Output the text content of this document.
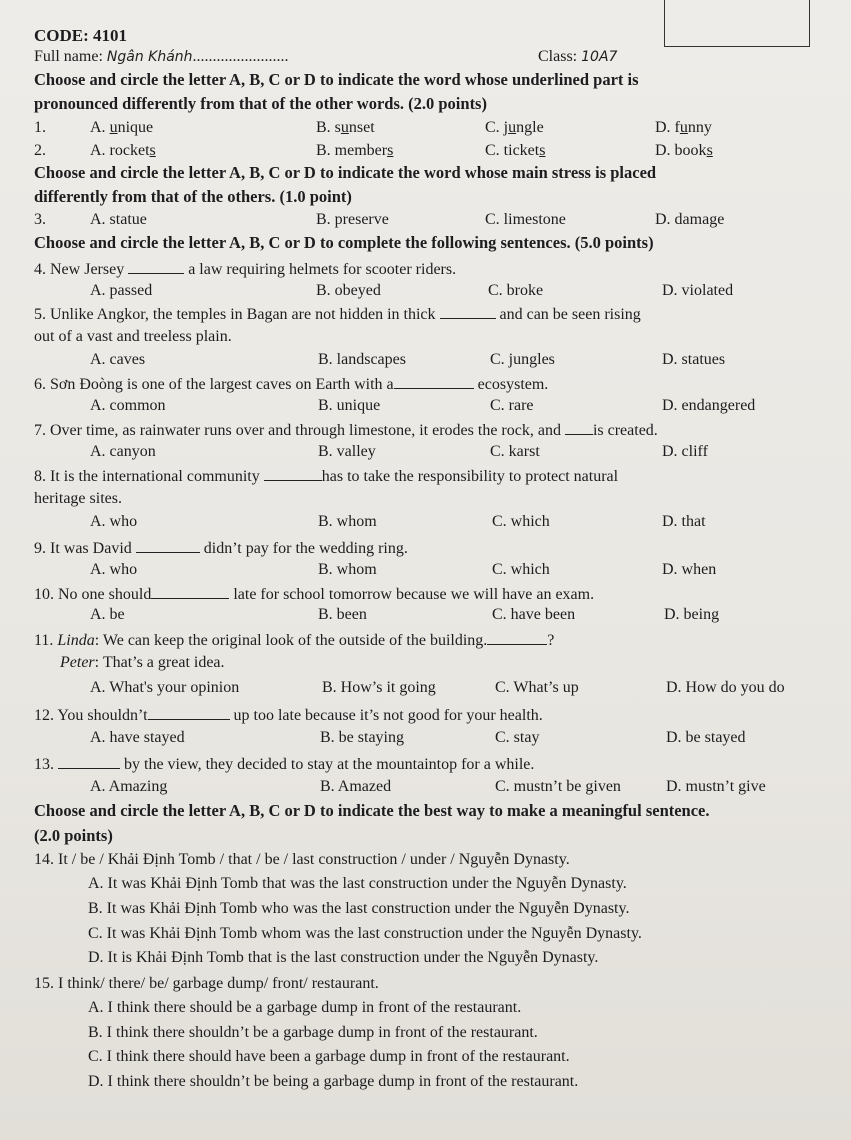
CODE: 4101
Full name: Ngân Khánh........................	Class: 10A7
Choose and circle the letter A, B, C or D to indicate the word whose underlined part is
pronounced differently from that of the other words. (2.0 points)
1.	A. unique	B. sunset	C. jungle	D. funny
2.	A. rockets	B. members	C. tickets	D. books
Choose and circle the letter A, B, C or D to indicate the word whose main stress is placed
differently from that of the others. (1.0 point)
3.	A. statue	B. preserve	C. limestone	D. damage
Choose and circle the letter A, B, C or D to complete the following sentences. (5.0 points)
4. New Jersey	a law requiring helmets for scooter riders.
A. passed	B. obeyed	C. broke	D. violated
5. Unlike Angkor, the temples in Bagan are not hidden in thick	and can be seen rising
out of a vast and treeless plain.
A. caves	B. landscapes	C. jungles	D. statues
6. Sơn Đoòng is one of the largest caves on Earth with a	ecosystem.
A. common	B. unique	C. rare	D. endangered
7. Over time, as rainwater runs over and through limestone, it erodes the rock, and is created.
A. canyon	B. valley	C. karst	D. cliff
8. It is the international community	has to take the responsibility to protect natural
heritage sites.
A. who	B. whom	C. which	D. that
9. It was David	didn’t pay for the wedding ring.
A. who	B. whom	C. which	D. when
10. No one should	late for school tomorrow because we will have an exam.
A. be	B. been	C. have been	D. being
11. Linda: We can keep the original look of the outside of the building.	?
Peter: That’s a great idea.
A. What's your opinion	B. How’s it going	C. What’s up	D. How do you do
12. You shouldn’t	up too late because it’s not good for your health.
A. have stayed	B. be staying	C. stay	D. be stayed
13.	by the view, they decided to stay at the mountaintop for a while.
A. Amazing	B. Amazed	C. mustn’t be given	D. mustn’t give
Choose and circle the letter A, B, C or D to indicate the best way to make a meaningful sentence.
(2.0 points)
14. It / be / Khải Định Tomb / that / be / last construction / under / Nguyễn Dynasty.
A. It was Khải Định Tomb that was the last construction under the Nguyễn Dynasty.
B. It was Khải Định Tomb who was the last construction under the Nguyễn Dynasty.
C. It was Khải Định Tomb whom was the last construction under the Nguyễn Dynasty.
D. It is Khải Định Tomb that is the last construction under the Nguyễn Dynasty.
15. I think/ there/ be/ garbage dump/ front/ restaurant.
A. I think there should be a garbage dump in front of the restaurant.
B. I think there shouldn’t be a garbage dump in front of the restaurant.
C. I think there should have been a garbage dump in front of the restaurant.
D. I think there shouldn’t be being a garbage dump in front of the restaurant.
